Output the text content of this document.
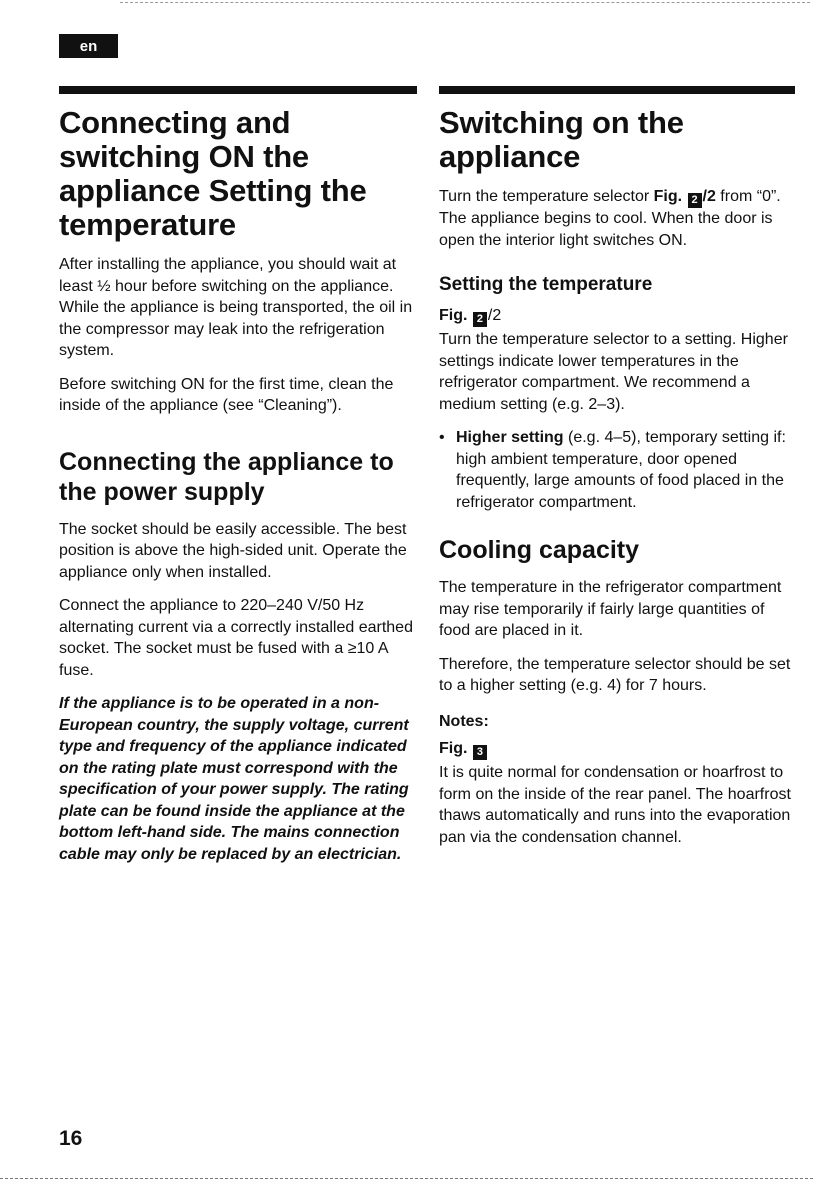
en
Connecting and switching ON the appliance Setting the temperature

After installing the appliance, you should wait at least ½ hour before switching on the appliance. While the appliance is being transported, the oil in the compressor may leak into the refrigeration system.

Before switching ON for the first time, clean the inside of the appliance (see “Cleaning”).

Connecting the appliance to the power supply

The socket should be easily accessible. The best position is above the high-sided unit. Operate the appliance only when installed.

Connect the appliance to 220–240 V/50 Hz alternating current via a correctly installed earthed socket. The socket must be fused with a ≥10 A fuse.

If the appliance is to be operated in a non-European country, the supply voltage, current type and frequency of the appliance indicated on the rating plate must correspond with the specification of your power supply. The rating plate can be found inside the appliance at the bottom left-hand side. The mains connection cable may only be replaced by an electrician.

Switching on the appliance

Turn the temperature selector Fig. 2 /2 from “0”. The appliance begins to cool. When the door is open the interior light switches ON.

Setting the temperature
Fig. 2 /2

Turn the temperature selector to a setting. Higher settings indicate lower temperatures in the refrigerator compartment. We recommend a medium setting (e.g. 2–3).

• Higher setting (e.g. 4–5), temporary setting if: high ambient temperature, door opened frequently, large amounts of food placed in the refrigerator compartment.
Cooling capacity

The temperature in the refrigerator compartment may rise temporarily if fairly large quantities of food are placed in it.

Therefore, the temperature selector should be set to a higher setting (e.g. 4) for 7 hours.

Notes:
Fig. 3

It is quite normal for condensation or hoarfrost to form on the inside of the rear panel. The hoarfrost thaws automatically and runs into the evaporation pan via the condensation channel.

16
